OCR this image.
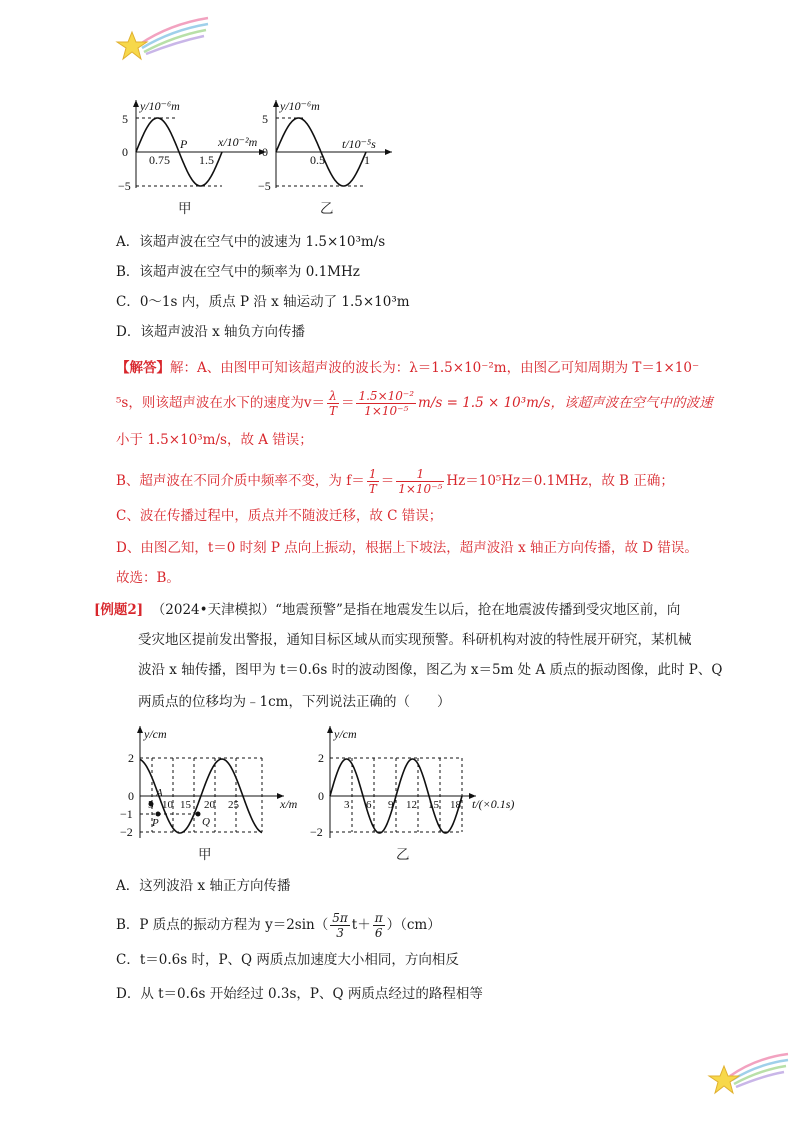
5
0
−5
y/10⁻⁶m
x/10⁻²m
0.75 1.5
P
甲
5
0
−5
y/10⁻⁶m
t/10⁻⁵s
0.5	1
乙
A．该超声波在空气中的波速为 1.5×10³m/s
B．该超声波在空气中的频率为 0.1MHz
C．0～1s 内，质点 P 沿 x 轴运动了 1.5×10³m
D．该超声波沿 x 轴负方向传播
【解答】解：A、由图甲可知该超声波的波长为：λ＝1.5×10⁻²m，由图乙可知周期为 T＝1×10⁻
⁵s，则该超声波在水下的速度为$v= \frac{\lambda}{T} = \frac{\text{1.5×10⁻²}}{\text{1×10⁻⁵}} m/s = 1.5 \times 10^3m/s$，该超声波在空气中的波速
小于 1.5×10³m/s，故 A 错误；
B、超声波在不同介质中频率不变，为 $f= \frac{1}{T} = \frac{1}{\text{1×10⁻⁵}} Hz=10^5Hz=0.1MHz$，故 B 正确；
C、波在传播过程中，质点并不随波迁移，故 C 错误；
D、由图乙知，t＝0 时刻 P 点向上振动，根据上下坡法，超声波沿 x 轴正方向传播，故 D 错误。
故选：B。
[例题2] （2024•天津模拟）“地震预警”是指在地震发生以后，抢在地震波传播到受灾地区前，向
受灾地区提前发出警报，通知目标区域从而实现预警。科研机构对波的特性展开研究，某机械
波沿 x 轴传播，图甲为 t＝0.6s 时的波动图像，图乙为 x＝5m 处 A 质点的振动图像，此时 P、Q
两质点的位移均为﹣1cm，下列说法正确的（　　）
2
0
−1
−2
y/cm
x/m
5 10 15 20 25
A
P	Q
甲
2
0
−2
y/cm
t/(×0.1s)
3 6 9 12 15 18
乙
A．这列波沿 x 轴正方向传播
B．P 质点的振动方程为 $y=2\sin( \frac{5\pi}{3} t+ \frac{\pi}{6} )(cm)$
C．t＝0.6s 时，P、Q 两质点加速度大小相同，方向相反
D．从 t＝0.6s 开始经过 0.3s，P、Q 两质点经过的路程相等
